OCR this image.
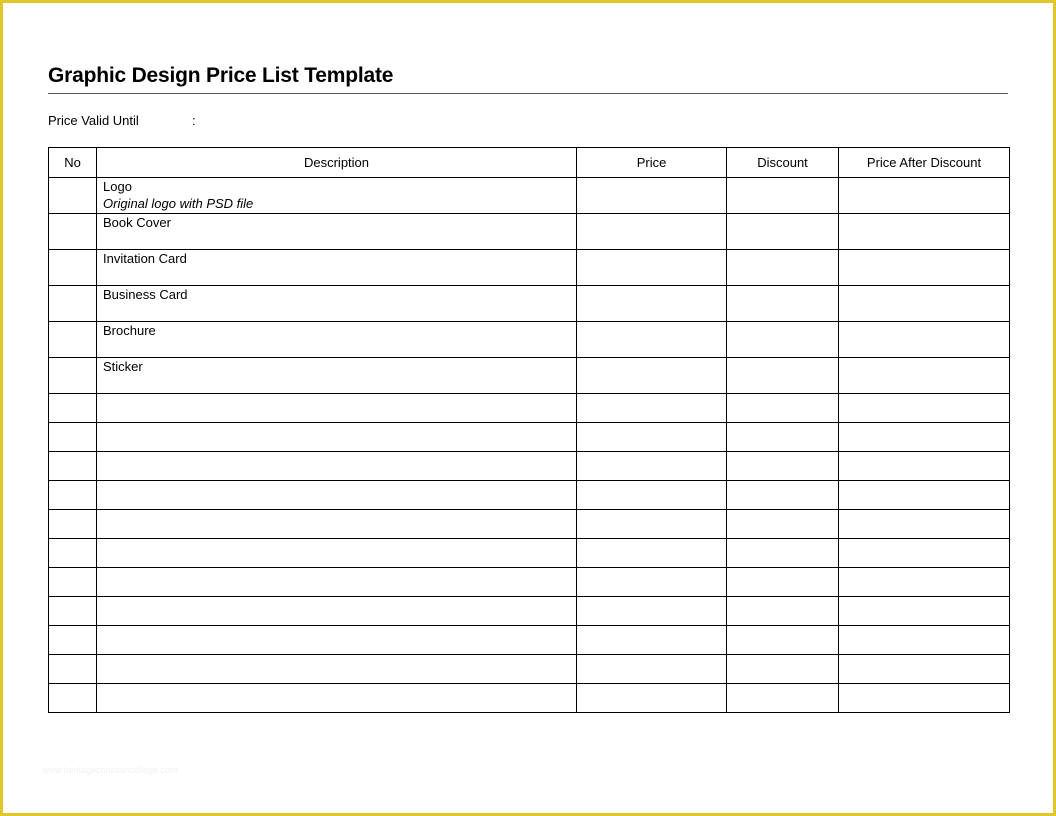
Graphic Design Price List Template
Price Valid Until	:
No	Description	Price	Discount	Price After Discount

	Logo
Original logo with PSD file			

	Book Cover			

	Invitation Card			

	Business Card			

	Brochure			

	Sticker			

www.heritagechristiancollege.com
